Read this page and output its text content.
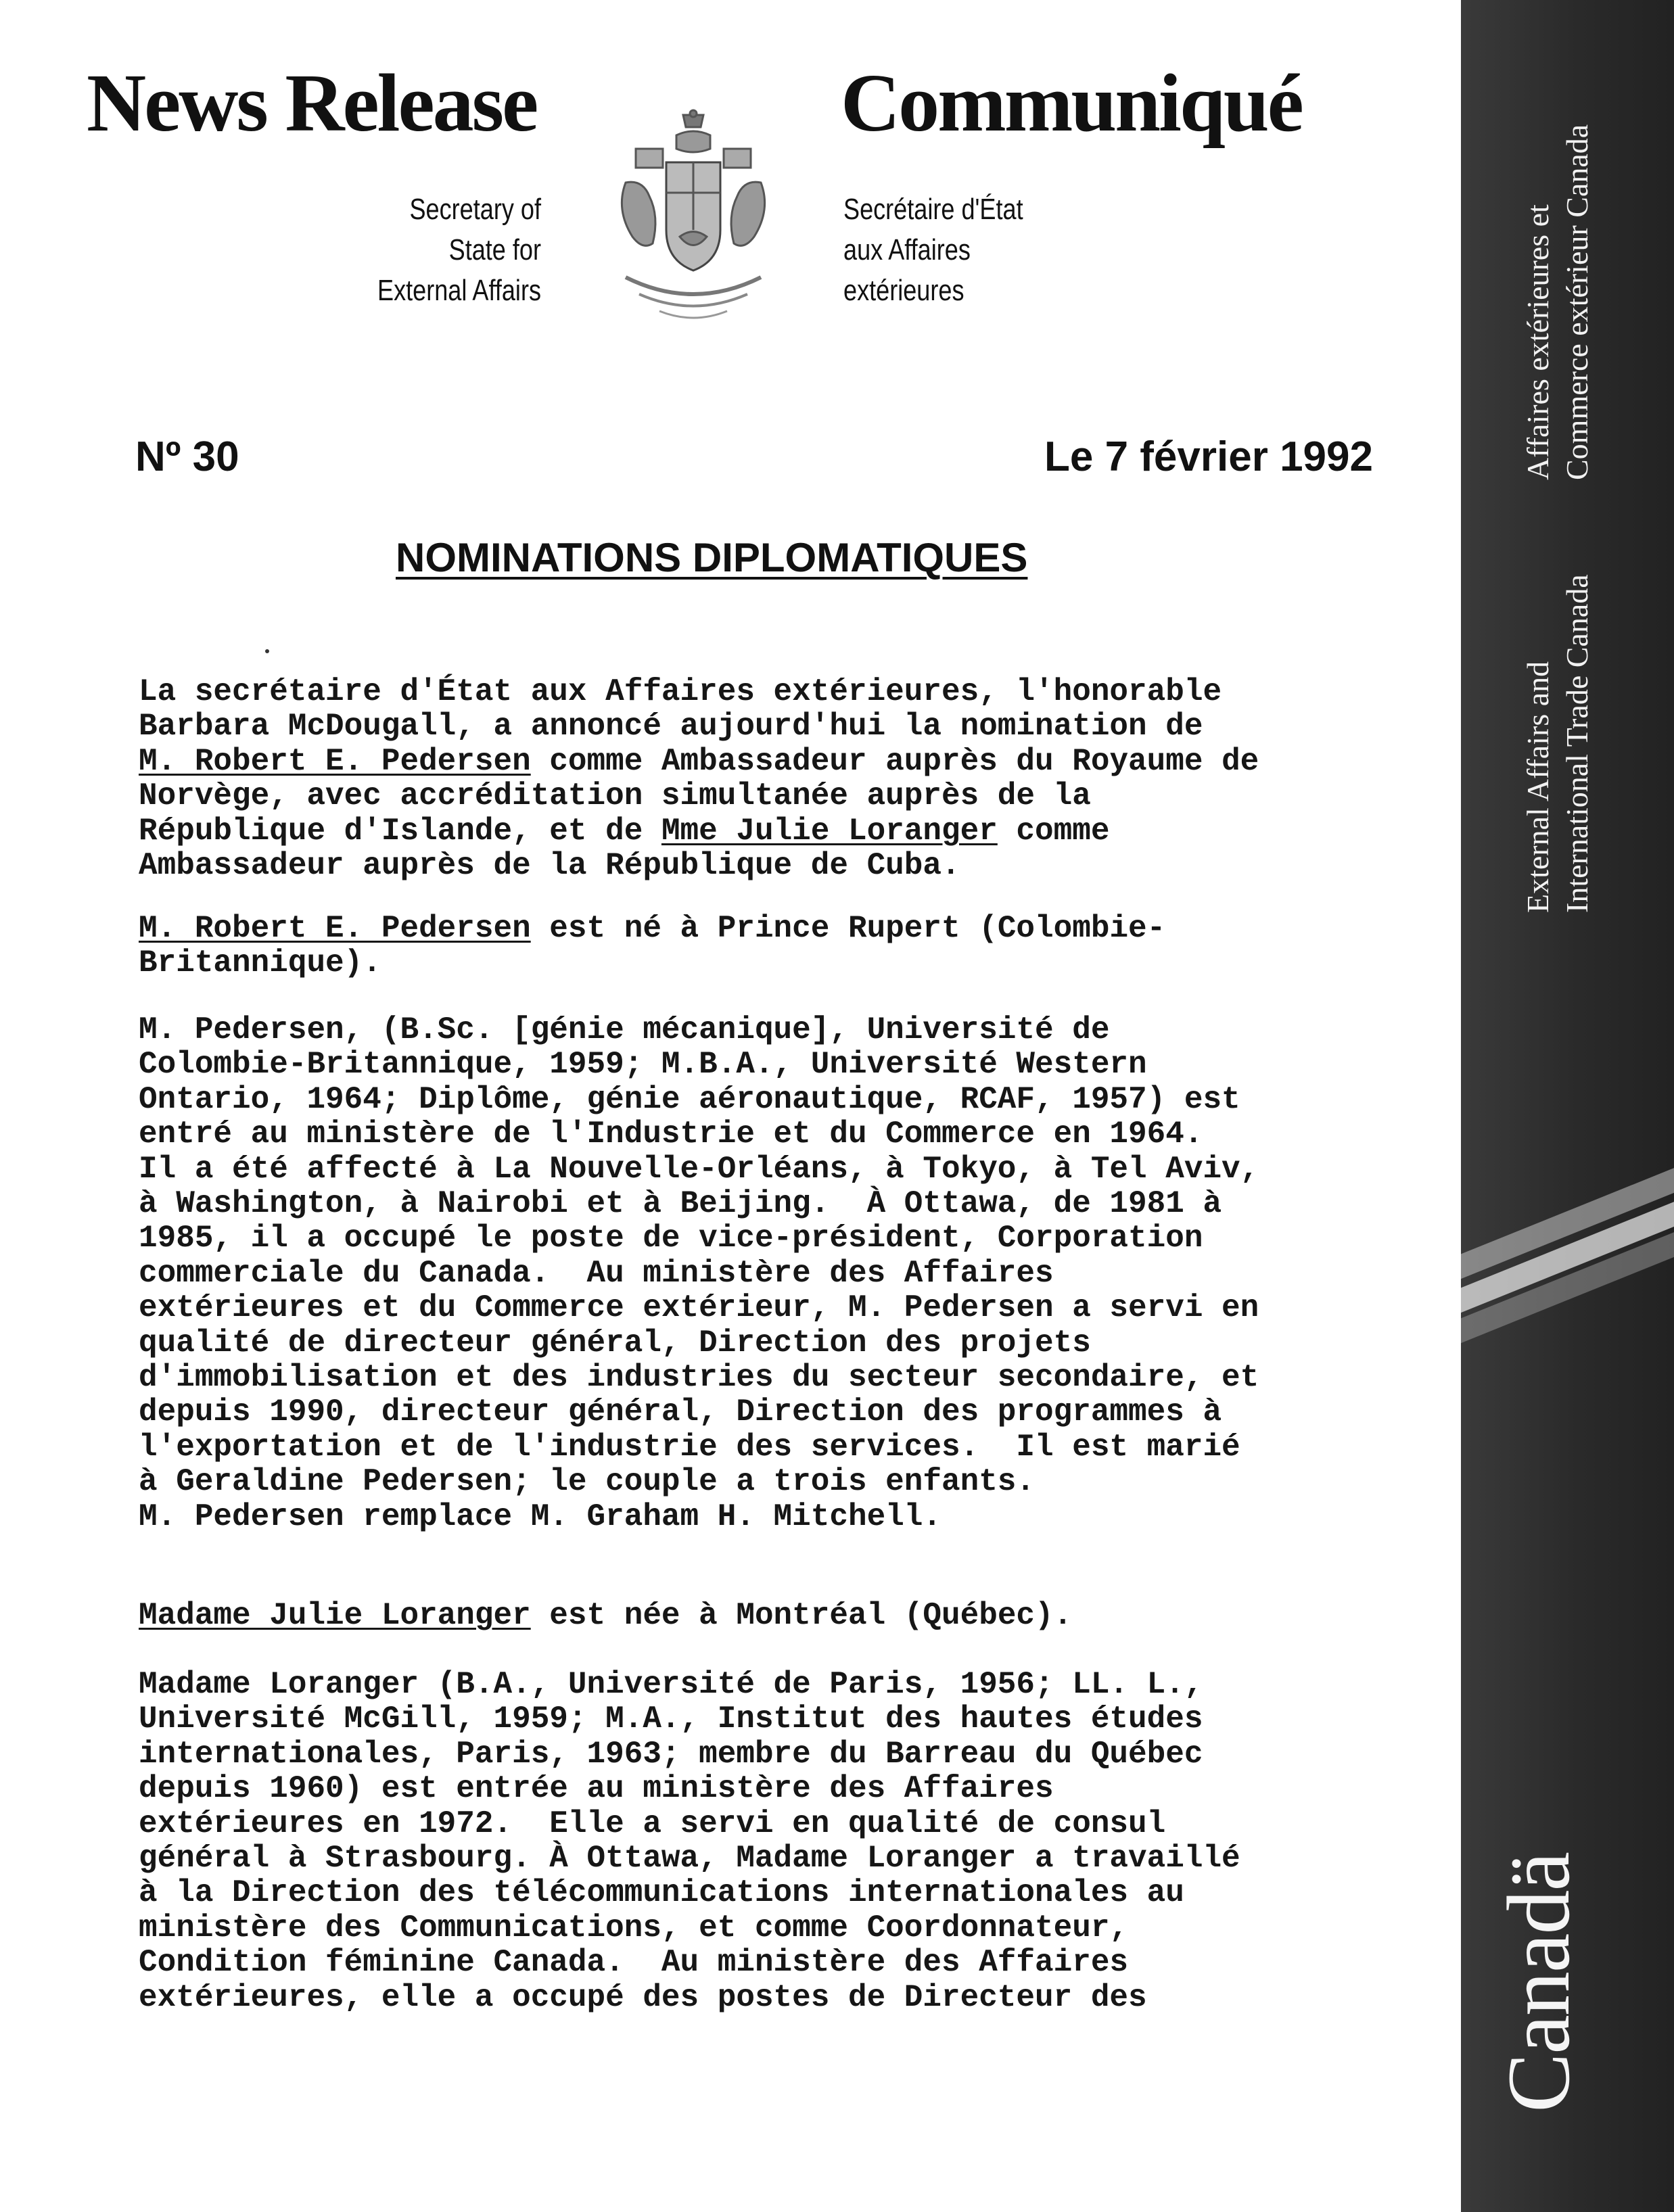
Affaires extérieures et Commerce extérieur Canada
External Affairs and International Trade Canada
Canadä
News Release	Communiqué
Secretary of
State for
External Affairs
Secrétaire d'État
aux Affaires
extérieures
Nº 30	Le 7 février 1992
NOMINATIONS DIPLOMATIQUES
La secrétaire d'État aux Affaires extérieures, l'honorable
Barbara McDougall, a annoncé aujourd'hui la nomination de
M. Robert E. Pedersen comme Ambassadeur auprès du Royaume de
Norvège, avec accréditation simultanée auprès de la
République d'Islande, et de Mme Julie Loranger comme
Ambassadeur auprès de la République de Cuba.
M. Robert E. Pedersen est né à Prince Rupert (Colombie-
Britannique).
M. Pedersen, (B.Sc. [génie mécanique], Université de
Colombie-Britannique, 1959; M.B.A., Université Western
Ontario, 1964; Diplôme, génie aéronautique, RCAF, 1957) est
entré au ministère de l'Industrie et du Commerce en 1964.
Il a été affecté à La Nouvelle-Orléans, à Tokyo, à Tel Aviv,
à Washington, à Nairobi et à Beijing.  À Ottawa, de 1981 à
1985, il a occupé le poste de vice-président, Corporation
commerciale du Canada.  Au ministère des Affaires
extérieures et du Commerce extérieur, M. Pedersen a servi en
qualité de directeur général, Direction des projets
d'immobilisation et des industries du secteur secondaire, et
depuis 1990, directeur général, Direction des programmes à
l'exportation et de l'industrie des services.  Il est marié
à Geraldine Pedersen; le couple a trois enfants.
M. Pedersen remplace M. Graham H. Mitchell.
Madame Julie Loranger est née à Montréal (Québec).
Madame Loranger (B.A., Université de Paris, 1956; LL. L.,
Université McGill, 1959; M.A., Institut des hautes études
internationales, Paris, 1963; membre du Barreau du Québec
depuis 1960) est entrée au ministère des Affaires
extérieures en 1972.  Elle a servi en qualité de consul
général à Strasbourg. À Ottawa, Madame Loranger a travaillé
à la Direction des télécommunications internationales au
ministère des Communications, et comme Coordonnateur,
Condition féminine Canada.  Au ministère des Affaires
extérieures, elle a occupé des postes de Directeur des
